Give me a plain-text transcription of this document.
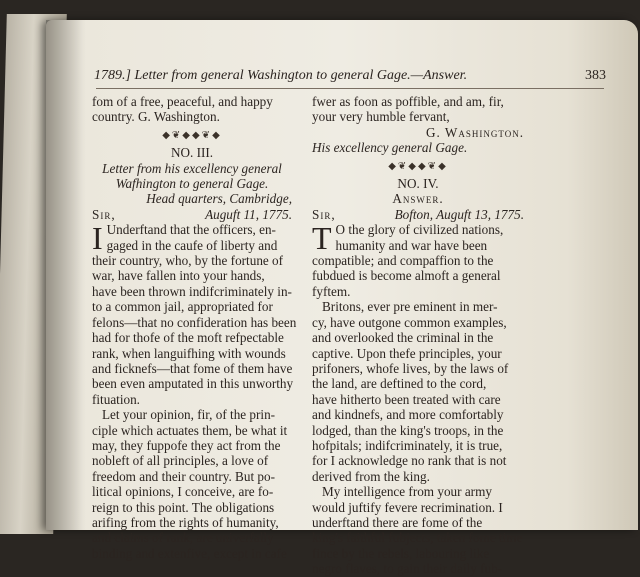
1789.] Letter from general Washington to general Gage.—Answer.	383
fom of a free, peaceful, and happy
country. G. Washington.
◆❦◆◆❦◆
NO. III.
Letter from his excellency general
Wafhington to general Gage.
Head quarters, Cambridge,
Sir,	Auguft 11, 1775.
I Underftand that the officers, en-
gaged in the caufe of liberty and
their country, who, by the fortune of
war, have fallen into your hands,
have been thrown indifcriminately in-
to a common jail, appropriated for
felons—that no confideration has been
had for thofe of the moft refpectable
rank, when languifhing with wounds
and ficknefs—that fome of them have
been even amputated in this unworthy
fituation.
Let your opinion, fir, of the prin-
ciple which actuates them, be what it
may, they fuppofe they act from the
nobleft of all principles, a love of
freedom and their country. But po-
litical opinions, I conceive, are fo-
reign to this point. The obligations
arifing from the rights of humanity,
and claims of rank, are univerfally
binding and extenfive, except in cafe
fwer as foon as poffible, and am, fir,
your very humble fervant,
G. Washington.
His excellency general Gage.
◆❦◆◆❦◆
NO. IV.
Answer.
Sir,	Bofton, Auguft 13, 1775.
T O the glory of civilized nations,
humanity and war have been
compatible; and compaffion to the
fubdued is become almoft a general
fyftem.
Britons, ever pre eminent in mer-
cy, have outgone common examples,
and overlooked the criminal in the
captive. Upon thefe principles, your
prifoners, whofe lives, by the laws of
the land, are deftined to the cord,
have hitherto been treated with care
and kindnefs, and more comfortably
lodged, than the king's troops, in the
hofpitals; indifcriminately, it is true,
for I acknowledge no rank that is not
derived from the king.
My intelligence from your army
would juftify fevere recrimination. I
underftand there are fome of the
king's faithful fubjects, taken fome time
fince by the rebels, labouring like
negro flaves, to gain their daily fub-
